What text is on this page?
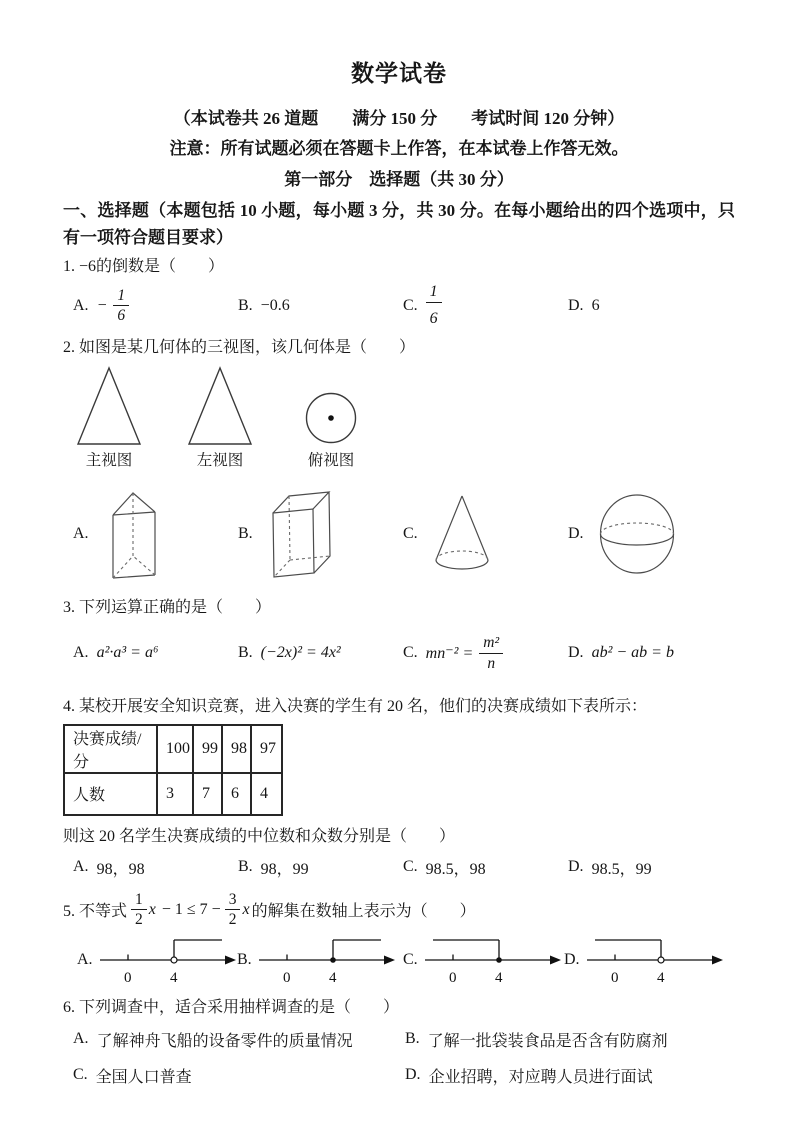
数学试卷
（本试卷共 26 道题　　满分 150 分　　考试时间 120 分钟）
注意：所有试题必须在答题卡上作答，在本试卷上作答无效。
第一部分　选择题（共 30 分）
一、选择题（本题包括 10 小题，每小题 3 分，共 30 分。在每小题给出的四个选项中，只有一项符合题目要求）
1. −6的倒数是（　　）
A. − $\frac{1}{6}$	B. −0.6	C. $\frac{1}{6}$	D. 6
2. 如图是某几何体的三视图，该几何体是（　　）
主视图	左视图	俯视图
A.	B.	C.	D.
3. 下列运算正确的是（　　）
A. a²·a³ = a⁶	B. (−2x)² = 4x²	C. $mn^{-2} = \frac{\text{m²}}{n}$	D. ab² − ab = b
4. 某校开展安全知识竞赛，进入决赛的学生有 20 名，他们的决赛成绩如下表所示：
决赛成绩/分	100	99	98	97
人数	3	7	6	4
则这 20 名学生决赛成绩的中位数和众数分别是（　　）
A. 98，98	B. 98，99	C. 98.5，98	D. 98.5，99
5. 不等式 $\frac{1}{2}$ $x - 1 \le 7 - \frac{3}{2}$ x 的解集在数轴上表示为（　　）
A.
0	4
B.
0	4
C.
0	4
D.
0	4
6. 下列调查中，适合采用抽样调查的是（　　）
A. 了解神舟飞船的设备零件的质量情况	B. 了解一批袋装食品是否含有防腐剂
C. 全国人口普查	D. 企业招聘，对应聘人员进行面试
